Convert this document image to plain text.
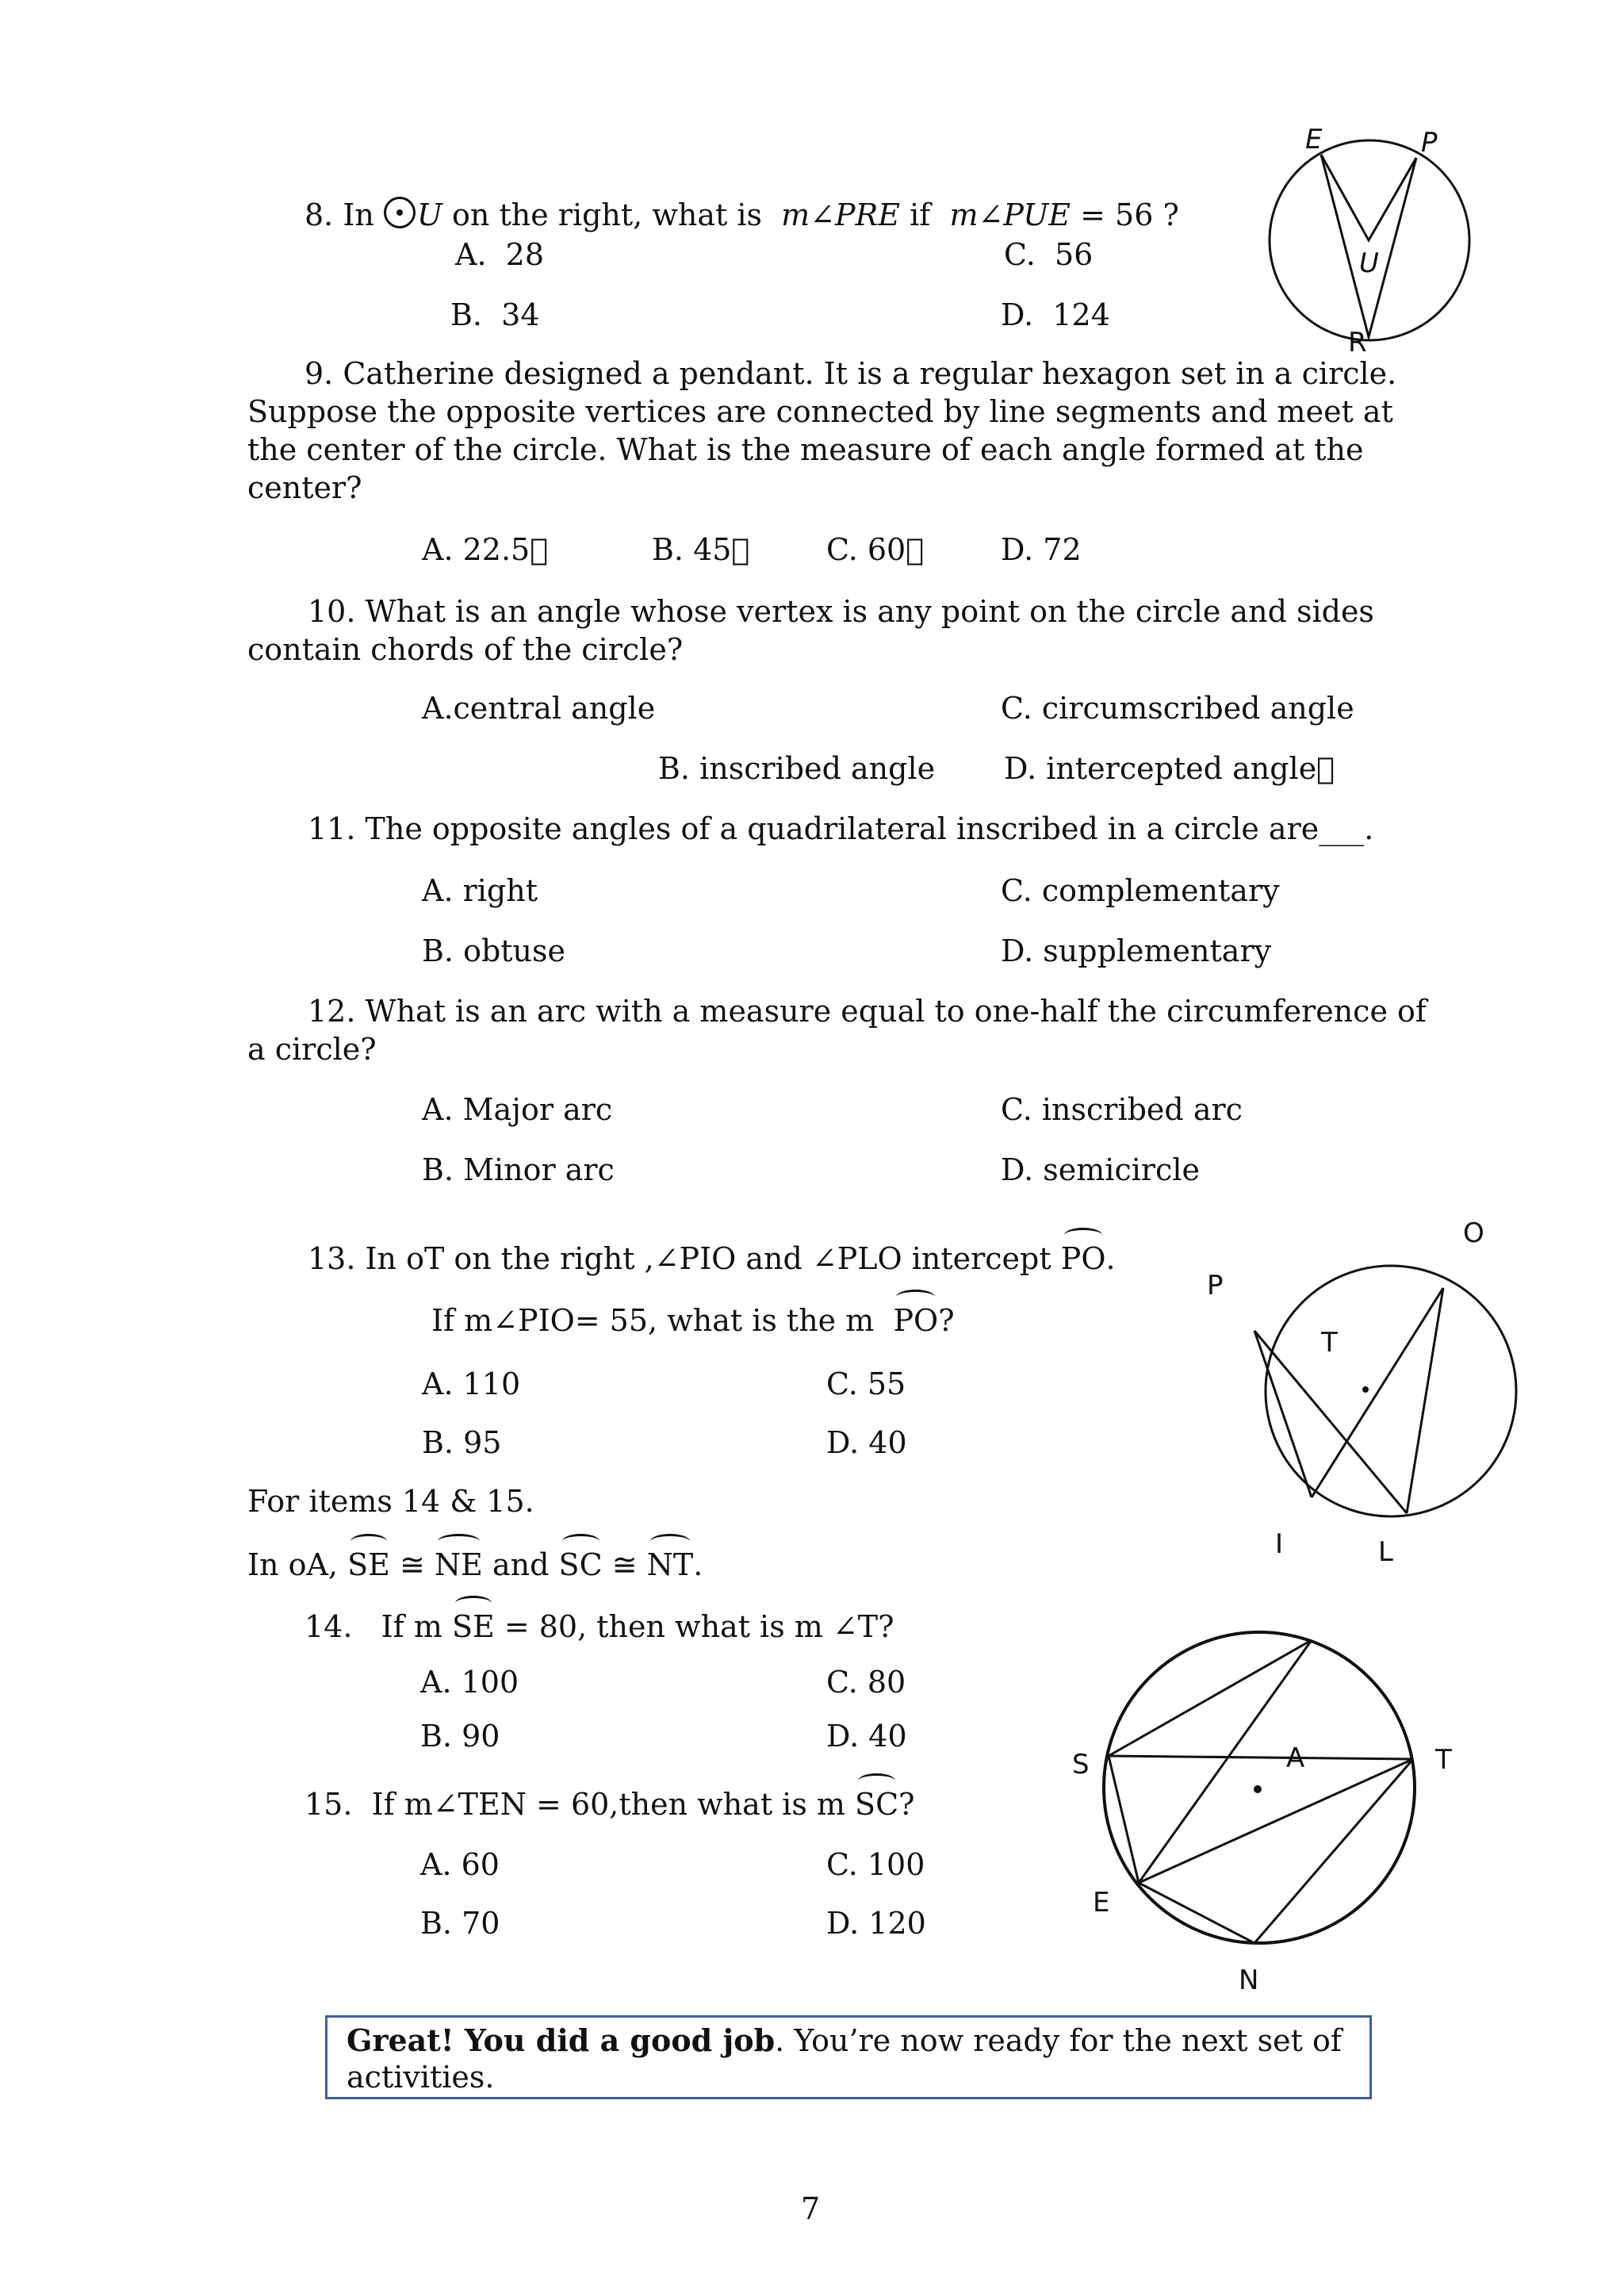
8. In U on the right, what is m∠PRE if m∠PUE = 56 ?
A.  28	C.  56
B.  34	D.  124
E	P
U
R
9. Catherine designed a pendant. It is a regular hexagon set in a circle.
Suppose the opposite vertices are connected by line segments and meet at
the center of the circle. What is the measure of each angle formed at the
center?
A. 22.5	B. 45	C. 60	D. 72
10. What is an angle whose vertex is any point on the circle and sides
contain chords of the circle?
A.central angle	C. circumscribed angle
B. inscribed angle D. intercepted angle
11. The opposite angles of a quadrilateral inscribed in a circle are___.
A. right	C. complementary
B. obtuse	D. supplementary
12. What is an arc with a measure equal to one-half the circumference of
a circle?
A. Major arc	C. inscribed arc
B. Minor arc	D. semicircle
13. In oT on the right ,∠PIO and ∠PLO intercept PO.
If m∠PIO= 55, what is the m PO?
A. 110	C. 55
B. 95	D. 40
O
P
T
I	L
For items 14 & 15.
In oA, SE ≅ NE and SC ≅ NT.
14.   If m SE = 80, then what is m ∠T?
A. 100	C. 80
B. 90	D. 40
15.  If m∠TEN = 60,then what is m SC?
A. 60	C. 100
B. 70	D. 120
S	A	T
E
N
Great! You did a good job. You’re now ready for the next set of activities.
7
